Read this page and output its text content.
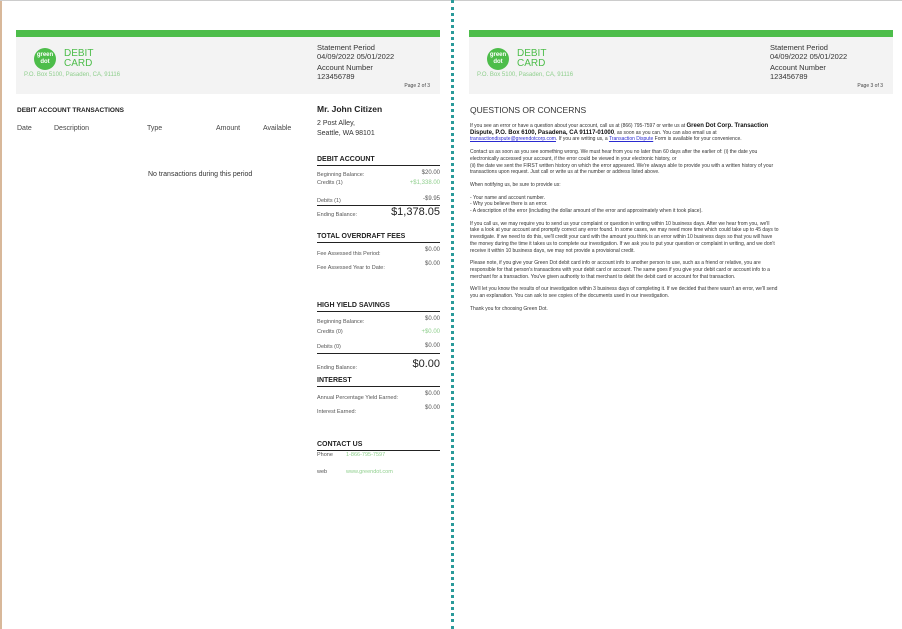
green dot
DEBIT
CARD
P.O. Box 5100, Pasaden, CA, 91116
Statement Period
04/09/2022 05/01/2022
Account Number
123456789
Page 2 of 3
DEBIT ACCOUNT TRANSACTIONS
Date	Description	Type	Amount	Available
No transactions during this period
Mr. John Citizen
2 Post Alley,
Seattle, WA 98101
DEBIT ACCOUNT
Beginning Balance:	$20.00
Credits (1)	+$1,338.00
Debits (1)	-$9.95
Ending Balance:	$1,378.05
TOTAL OVERDRAFT FEES
Fee Assessed this Period:
$0.00
Fee Assessed Year to Date:
$0.00
HIGH YIELD SAVINGS
Beginning Balance:	$0.00
Credits (0)	+$0.00
Debits (0)	$0.00
Ending Balance:	$0.00
INTEREST
Annual Percentage Yield Earned:
$0.00
Interest Earned:
$0.00
CONTACT US
Phone 1-866-795-7597
web	www.greendot.com
green dot
DEBIT
CARD
P.O. Box 5100, Pasaden, CA, 91116
Statement Period
04/09/2022 05/01/2022
Account Number
123456789
Page 3 of 3
QUESTIONS OR CONCERNS

If you see an error or have a question about your account, call us at (866) 795-7597 or write us at Green Dot Corp. Transaction Dispute, P.O. Box 6100, Pasadena, CA 91117-01000, as soon as you can. You can also email us at transactiondispute@greendotcorp.com. If you are writing us, a Transaction Dispute Form is available for your convenience.

Contact us as soon as you see something wrong. We must hear from you no later than 60 days after the earlier of: (i) the date you electronically accessed your account, if the error could be viewed in your electronic history, or
(ii) the date we sent the FIRST written history on which the error appeared. We're always able to provide you with a written history of your transactions upon request. Just call or write us at the number or address listed above.

When notifying us, be sure to provide us:

- Your name and account number.
- Why you believe there is an error.
- A description of the error (including the dollar amount of the error and approximately when it took place).

If you call us, we may require you to send us your complaint or question in writing within 10 business days. After we hear from you, we'll take a look at your account and promptly correct any error found. In some cases, we may need more time which could take up to 45 days to investigate. If we need to do this, we'll credit your card with the amount you think is an error within 10 business days so that you will have the money during the time it takes us to complete our investigation. If we ask you to put your question or complaint in writing, and we don't receive it within 10 business days, we may not provide a provisional credit.

Please note, if you give your Green Dot debit card info or account info to another person to use, such as a friend or relative, you are responsible for that person's transactions with your debit card or account. The same goes if you give your debit card or account info to a merchant for a transaction. You've given authority to that merchant to debit the debit card or account for that transaction.

We'll let you know the results of our investigation within 3 business days of completing it. If we decided that there wasn't an error, we'll send you an explanation. You can ask to see copies of the documents used in our investigation.

Thank you for choosing Green Dot.
